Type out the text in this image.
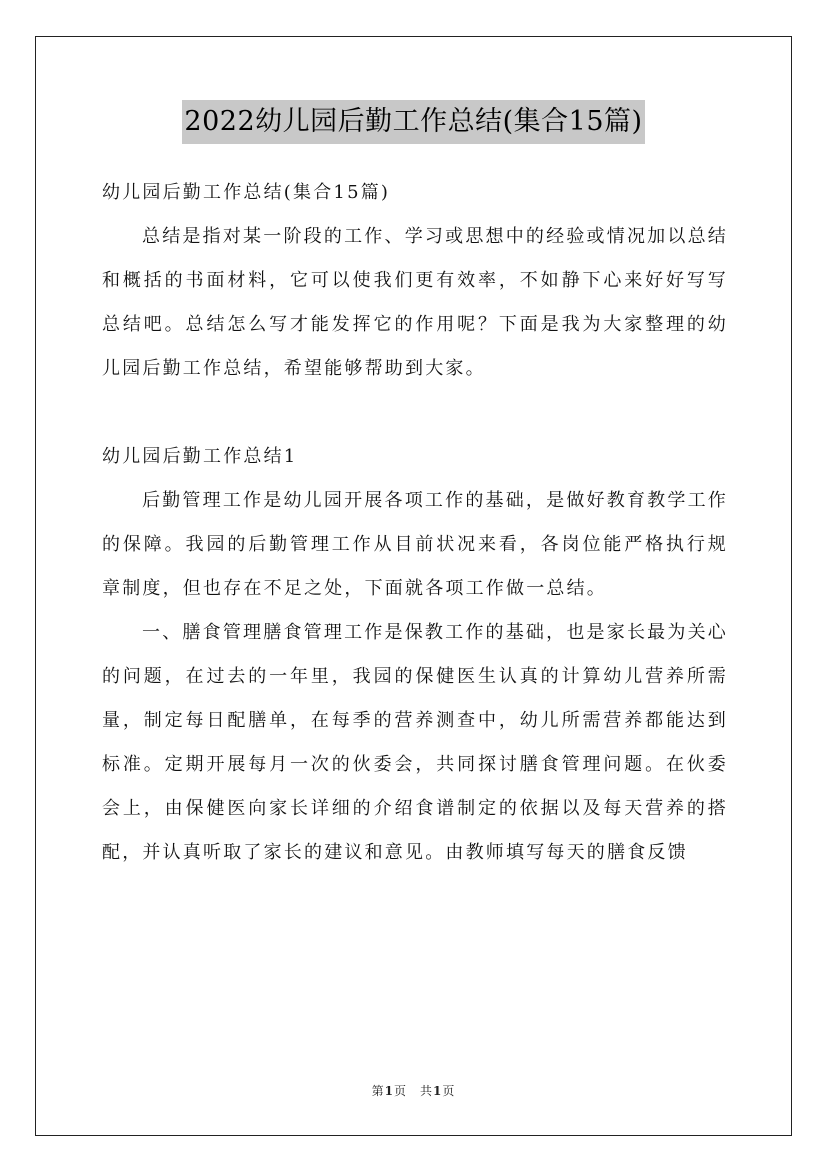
2022幼儿园后勤工作总结(集合15篇)

幼儿园后勤工作总结(集合15篇)

总结是指对某一阶段的工作、学习或思想中的经验或情况加以总结和概括的书面材料，它可以使我们更有效率，不如静下心来好好写写总结吧。总结怎么写才能发挥它的作用呢？下面是我为大家整理的幼儿园后勤工作总结，希望能够帮助到大家。

幼儿园后勤工作总结1

后勤管理工作是幼儿园开展各项工作的基础，是做好教育教学工作的保障。我园的后勤管理工作从目前状况来看，各岗位能严格执行规章制度，但也存在不足之处，下面就各项工作做一总结。

一、膳食管理膳食管理工作是保教工作的基础，也是家长最为关心的问题，在过去的一年里，我园的保健医生认真的计算幼儿营养所需量，制定每日配膳单，在每季的营养测查中，幼儿所需营养都能达到标准。定期开展每月一次的伙委会，共同探讨膳食管理问题。在伙委会上，由保健医向家长详细的介绍食谱制定的依据以及每天营养的搭配，并认真听取了家长的建议和意见。由教师填写每天的膳食反馈

第1页　共1页
